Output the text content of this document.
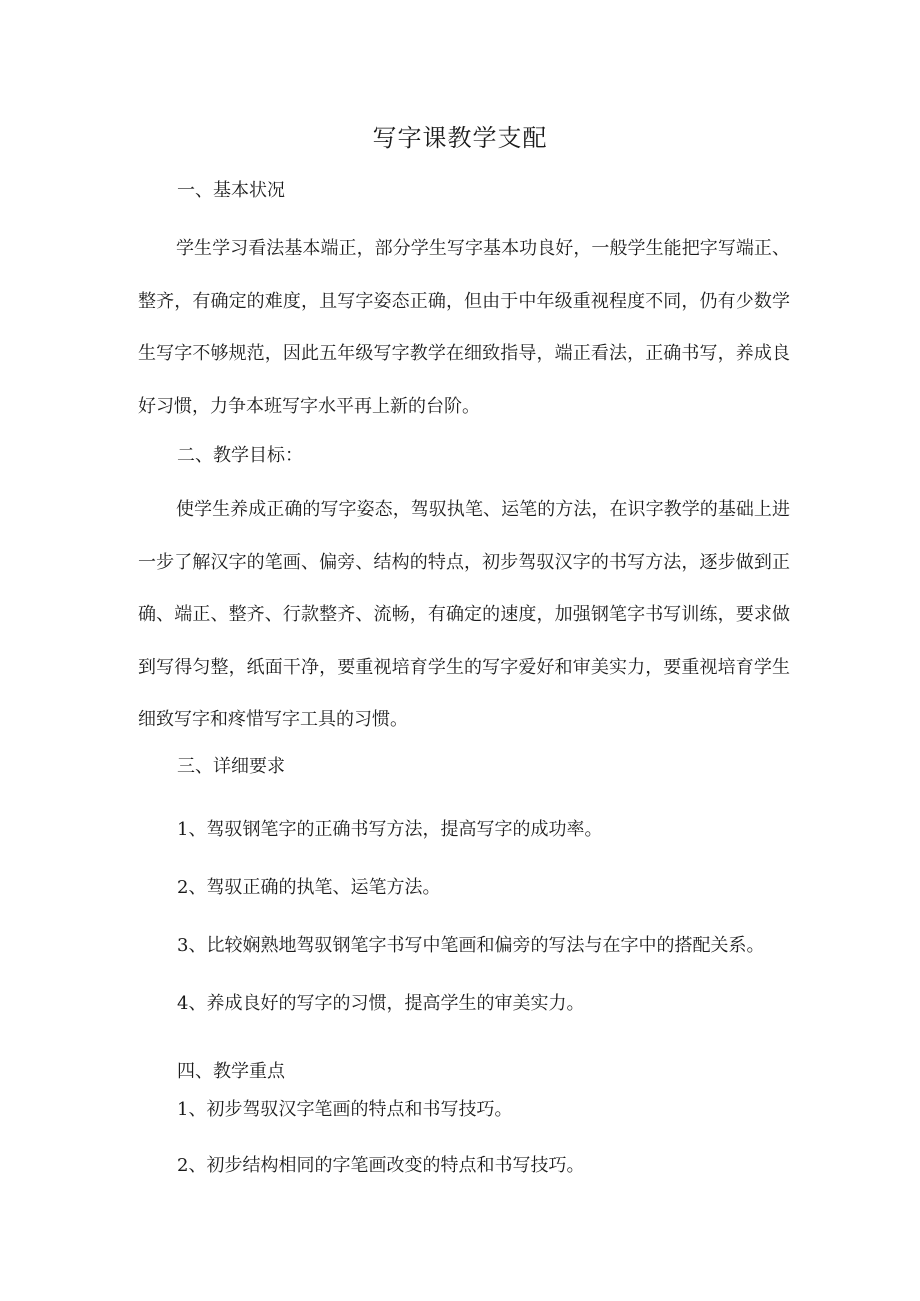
写字课教学支配

一、基本状况

学生学习看法基本端正，部分学生写字基本功良好，一般学生能把字写端正、整齐，有确定的难度，且写字姿态正确，但由于中年级重视程度不同，仍有少数学生写字不够规范，因此五年级写字教学在细致指导，端正看法，正确书写，养成良好习惯，力争本班写字水平再上新的台阶。

二、教学目标：

使学生养成正确的写字姿态，驾驭执笔、运笔的方法，在识字教学的基础上进一步了解汉字的笔画、偏旁、结构的特点，初步驾驭汉字的书写方法，逐步做到正确、端正、整齐、行款整齐、流畅，有确定的速度，加强钢笔字书写训练，要求做到写得匀整，纸面干净，要重视培育学生的写字爱好和审美实力，要重视培育学生细致写字和疼惜写字工具的习惯。

三、详细要求

1、驾驭钢笔字的正确书写方法，提高写字的成功率。

2、驾驭正确的执笔、运笔方法。

3、比较娴熟地驾驭钢笔字书写中笔画和偏旁的写法与在字中的搭配关系。

4、养成良好的写字的习惯，提高学生的审美实力。

四、教学重点

1、初步驾驭汉字笔画的特点和书写技巧。

2、初步结构相同的字笔画改变的特点和书写技巧。
